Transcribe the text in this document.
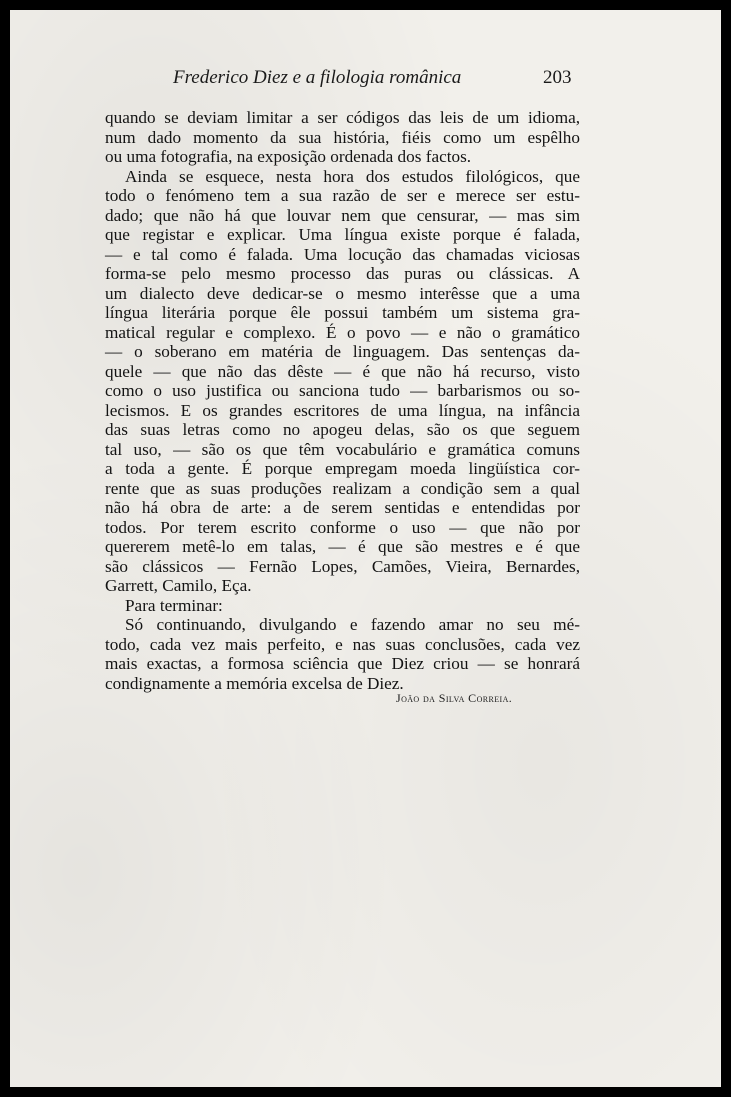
Frederico Diez e a filologia românica	203
quando se deviam limitar a ser códigos das leis de um idioma,
num dado momento da sua história, fiéis como um espêlho
ou uma fotografia, na exposição ordenada dos factos.
Ainda se esquece, nesta hora dos estudos filológicos, que
todo o fenómeno tem a sua razão de ser e merece ser estu-
dado; que não há que louvar nem que censurar, — mas sim
que registar e explicar. Uma língua existe porque é falada,
— e tal como é falada. Uma locução das chamadas viciosas
forma-se pelo mesmo processo das puras ou clássicas. A
um dialecto deve dedicar-se o mesmo interêsse que a uma
língua literária porque êle possui também um sistema gra-
matical regular e complexo. É o povo — e não o gramático
— o soberano em matéria de linguagem. Das sentenças da-
quele — que não das dêste — é que não há recurso, visto
como o uso justifica ou sanciona tudo — barbarismos ou so-
lecismos. E os grandes escritores de uma língua, na infância
das suas letras como no apogeu delas, são os que seguem
tal uso, — são os que têm vocabulário e gramática comuns
a toda a gente. É porque empregam moeda lingüística cor-
rente que as suas produções realizam a condição sem a qual
não há obra de arte: a de serem sentidas e entendidas por
todos. Por terem escrito conforme o uso — que não por
quererem metê-lo em talas, — é que são mestres e é que
são clássicos — Fernão Lopes, Camões, Vieira, Bernardes,
Garrett, Camilo, Eça.
Para terminar:
Só continuando, divulgando e fazendo amar no seu mé-
todo, cada vez mais perfeito, e nas suas conclusões, cada vez
mais exactas, a formosa sciência que Diez criou — se honrará
condignamente a memória excelsa de Diez.
João da Silva Correia.
